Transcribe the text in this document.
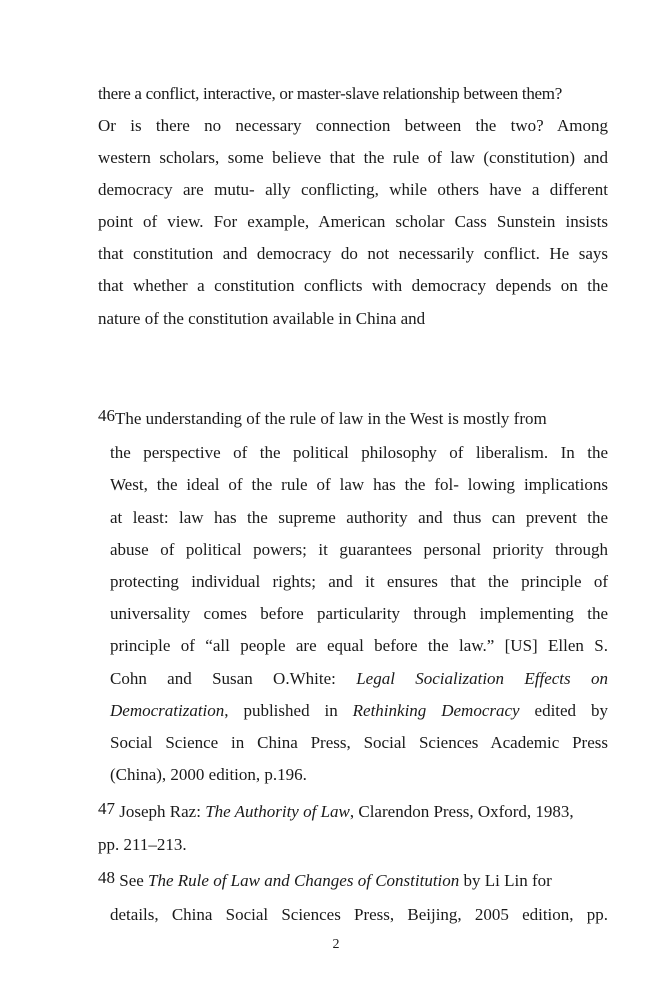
there a conflict, interactive, or master-slave relationship between them?
Or is there no necessary connection between the two? Among
western scholars, some believe that the rule of law (constitution) and
democracy are mutu- ally conflicting, while others have a different
point of view. For example, American scholar Cass Sunstein insists
that constitution and democracy do not necessarily conflict. He says
that whether a constitution conflicts with democracy depends on the
nature of the constitution available in China and
46The understanding of the rule of law in the West is mostly from
the perspective of the political philosophy of liberalism. In the
West, the ideal of the rule of law has the fol- lowing implications
at least: law has the supreme authority and thus can prevent the
abuse of political powers; it guarantees personal priority through
protecting individual rights; and it ensures that the principle of
universality comes before particularity through implementing the
principle of “all people are equal before the law.” [US] Ellen S.
Cohn and Susan O.White: Legal Socialization Effects on
Democratization, published in Rethinking Democracy edited by
Social Science in China Press, Social Sciences Academic Press
(China), 2000 edition, p.196.
47 Joseph Raz: The Authority of Law, Clarendon Press, Oxford, 1983,
pp. 211–213.
48 See The Rule of Law and Changes of Constitution by Li Lin for
details, China Social Sciences Press, Beijing, 2005 edition, pp.
2
